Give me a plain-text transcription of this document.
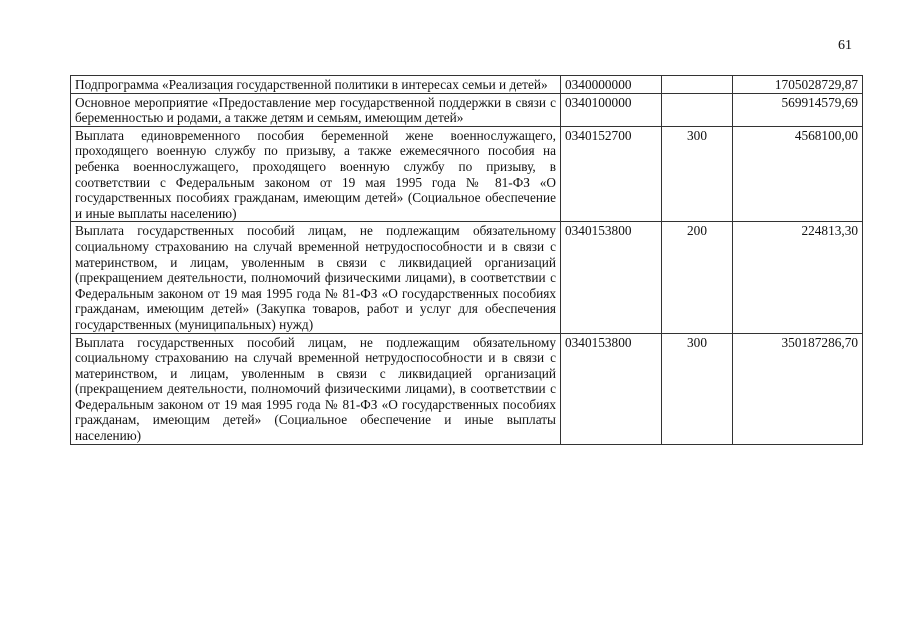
61
Подпрограмма «Реализация государственной политики в интересах семьи и детей»	0340000000		1705028729,87
Основное мероприятие «Предоставление мер государственной поддержки в связи с беременностью и родами, а также детям и семьям, имеющим детей»	0340100000		569914579,69
Выплата единовременного пособия беременной жене военнослужащего, проходящего военную службу по призыву, а также ежемесячного пособия на ребенка военнослужащего, проходящего военную службу по призыву, в соответствии с Федеральным законом от 19 мая 1995 года № 81-ФЗ «О государственных пособиях гражданам, имеющим детей» (Социальное обеспечение и иные выплаты населению)	0340152700	300	4568100,00
Выплата государственных пособий лицам, не подлежащим обязательному социальному страхованию на случай временной нетрудоспособности и в связи с материнством, и лицам, уволенным в связи с ликвидацией организаций (прекращением деятельности, полномочий физическими лицами), в соответствии с Федеральным законом от 19 мая 1995 года № 81-ФЗ «О государственных пособиях гражданам, имеющим детей» (Закупка товаров, работ и услуг для обеспечения государственных (муниципальных) нужд)	0340153800	200	224813,30
Выплата государственных пособий лицам, не подлежащим обязательному социальному страхованию на случай временной нетрудоспособности и в связи с материнством, и лицам, уволенным в связи с ликвидацией организаций (прекращением деятельности, полномочий физическими лицами), в соответствии с Федеральным законом от 19 мая 1995 года № 81-ФЗ «О государственных пособиях гражданам, имеющим детей» (Социальное обеспечение и иные выплаты населению)	0340153800	300	350187286,70
